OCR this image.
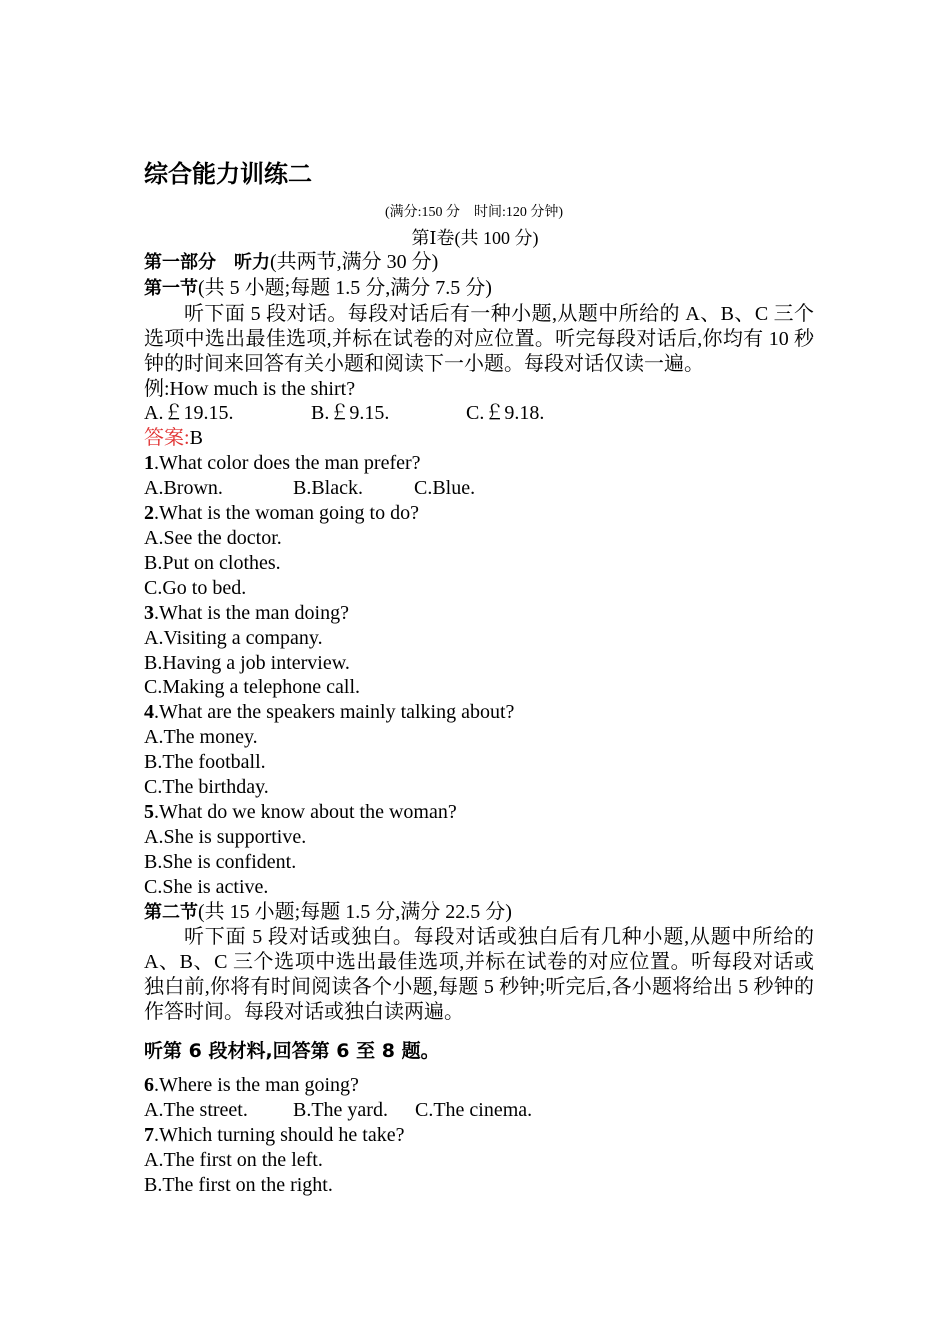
综合能力训练二
(满分:150 分　时间:120 分钟)
第Ⅰ卷(共 100 分)
第一部分　听力(共两节,满分 30 分)
第一节(共 5 小题;每题 1.5 分,满分 7.5 分)
听下面 5 段对话。每段对话后有一种小题,从题中所给的 A、B、C 三个选项中选出最佳选项,并标在试卷的对应位置。听完每段对话后,你均有 10 秒钟的时间来回答有关小题和阅读下一小题。每段对话仅读一遍。
例:How much is the shirt?
A.￡19.15.	B.￡9.15.	C.￡9.18.
答案:B
1.What color does the man prefer?
A.Brown.	B.Black.	C.Blue.
2.What is the woman going to do?
A.See the doctor.
B.Put on clothes.
C.Go to bed.
3.What is the man doing?
A.Visiting a company.
B.Having a job interview.
C.Making a telephone call.
4.What are the speakers mainly talking about?
A.The money.
B.The football.
C.The birthday.
5.What do we know about the woman?
A.She is supportive.
B.She is confident.
C.She is active.
第二节(共 15 小题;每题 1.5 分,满分 22.5 分)
听下面 5 段对话或独白。每段对话或独白后有几种小题,从题中所给的 A、B、C 三个选项中选出最佳选项,并标在试卷的对应位置。听每段对话或独白前,你将有时间阅读各个小题,每题 5 秒钟;听完后,各小题将给出 5 秒钟的作答时间。每段对话或独白读两遍。
听第 6 段材料,回答第 6 至 8 题。
6.Where is the man going?
A.The street. B.The yard. C.The cinema.
7.Which turning should he take?
A.The first on the left.
B.The first on the right.
